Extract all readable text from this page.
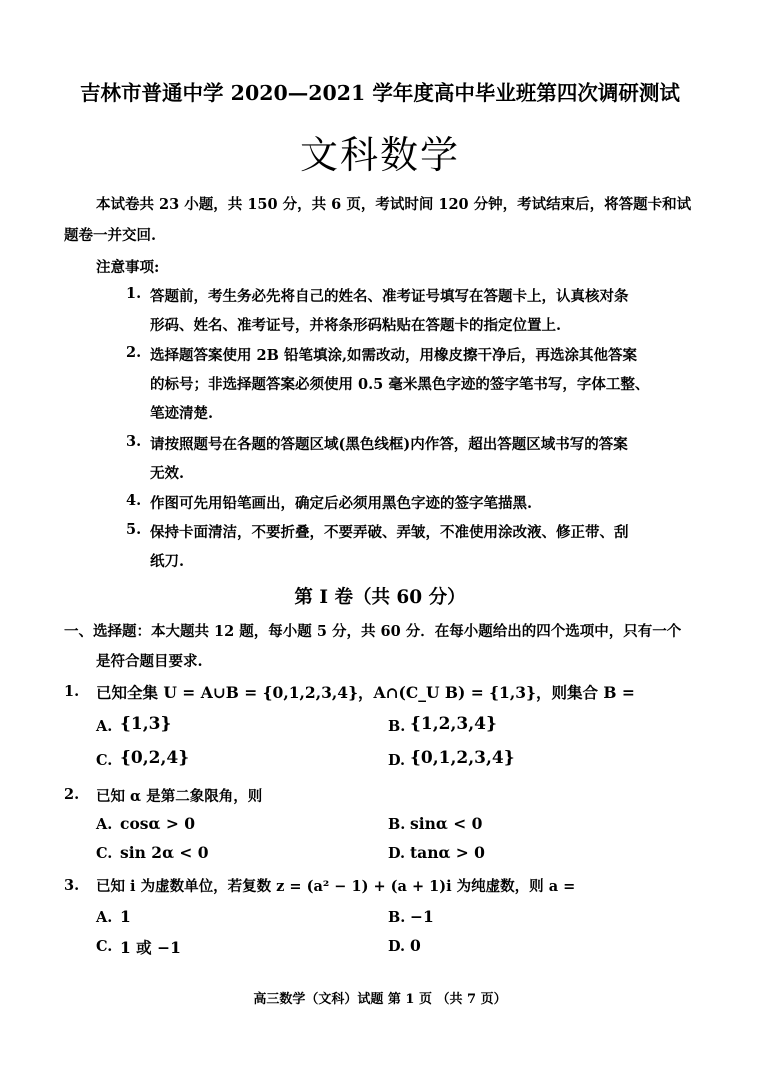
吉林市普通中学 2020—2021 学年度高中毕业班第四次调研测试
文科数学
本试卷共 23 小题，共 150 分，共 6 页，考试时间 120 分钟，考试结束后，将答题卡和试
题卷一并交回.
注意事项:
1. 答题前，考生务必先将自己的姓名、准考证号填写在答题卡上，认真核对条
形码、姓名、准考证号，并将条形码粘贴在答题卡的指定位置上.
2. 选择题答案使用 2B 铅笔填涂,如需改动，用橡皮擦干净后，再选涂其他答案
的标号；非选择题答案必须使用 0.5 毫米黑色字迹的签字笔书写，字体工整、
笔迹清楚.
3. 请按照题号在各题的答题区域(黑色线框)内作答，超出答题区域书写的答案
无效.
4. 作图可先用铅笔画出，确定后必须用黑色字迹的签字笔描黑.
5. 保持卡面清洁，不要折叠，不要弄破、弄皱，不准使用涂改液、修正带、刮
纸刀.
第 I 卷（共 60 分）
一、选择题：本大题共 12 题，每小题 5 分，共 60 分．在每小题给出的四个选项中，只有一个
是符合题目要求.
1. 已知全集 U = A∪B = {0,1,2,3,4}，A∩(C_U B) = {1,3}，则集合 B =
A. {1,3}	B. {1,2,3,4}
C. {0,2,4}	D. {0,1,2,3,4}
2. 已知 α 是第二象限角，则
A. cosα > 0	B. sinα < 0
C. sin 2α < 0	D. tanα > 0
3. 已知 i 为虚数单位，若复数 z = (a² − 1) + (a + 1)i 为纯虚数，则 a =
A. 1	B. −1
C. 1 或 −1	D. 0
高三数学（文科）试题 第 1 页 （共 7 页）
